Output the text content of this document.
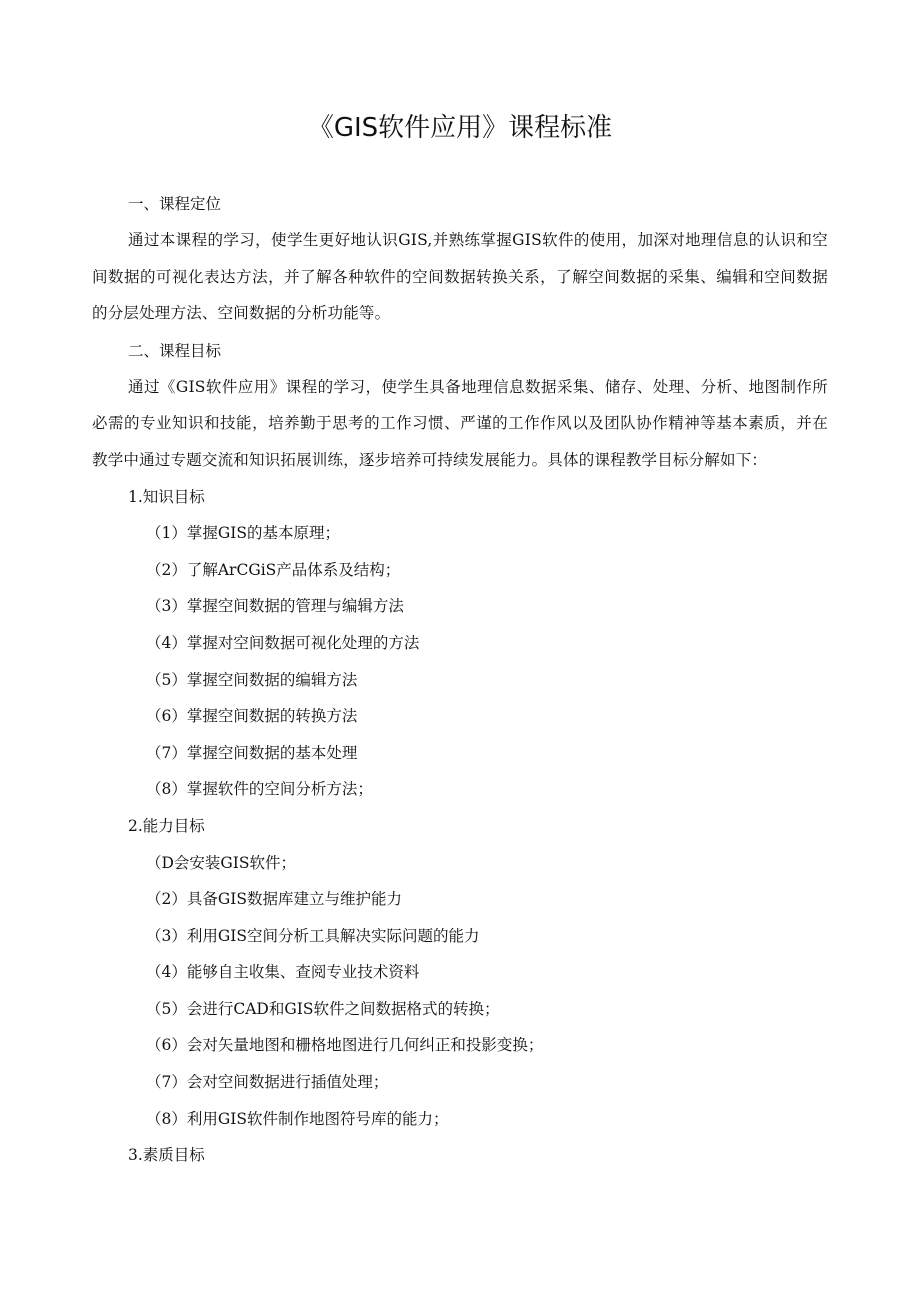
《GIS软件应用》课程标准

一、课程定位

通过本课程的学习，使学生更好地认识GIS,并熟练掌握GIS软件的使用，加深对地理信息的认识和空间数据的可视化表达方法，并了解各种软件的空间数据转换关系，了解空间数据的采集、编辑和空间数据的分层处理方法、空间数据的分析功能等。

二、课程目标

通过《GIS软件应用》课程的学习，使学生具备地理信息数据采集、储存、处理、分析、地图制作所必需的专业知识和技能，培养勤于思考的工作习惯、严谨的工作作风以及团队协作精神等基本素质，并在教学中通过专题交流和知识拓展训练，逐步培养可持续发展能力。具体的课程教学目标分解如下：

1.知识目标

（1）掌握GIS的基本原理；

（2）了解ArCGiS产品体系及结构；

（3）掌握空间数据的管理与编辑方法

（4）掌握对空间数据可视化处理的方法

（5）掌握空间数据的编辑方法

（6）掌握空间数据的转换方法

（7）掌握空间数据的基本处理

（8）掌握软件的空间分析方法；

2.能力目标

（D会安装GIS软件；

（2）具备GIS数据库建立与维护能力

（3）利用GIS空间分析工具解决实际问题的能力

（4）能够自主收集、查阅专业技术资料

（5）会进行CAD和GIS软件之间数据格式的转换；

（6）会对矢量地图和栅格地图进行几何纠正和投影变换；

（7）会对空间数据进行插值处理；

（8）利用GIS软件制作地图符号库的能力；

3.素质目标
